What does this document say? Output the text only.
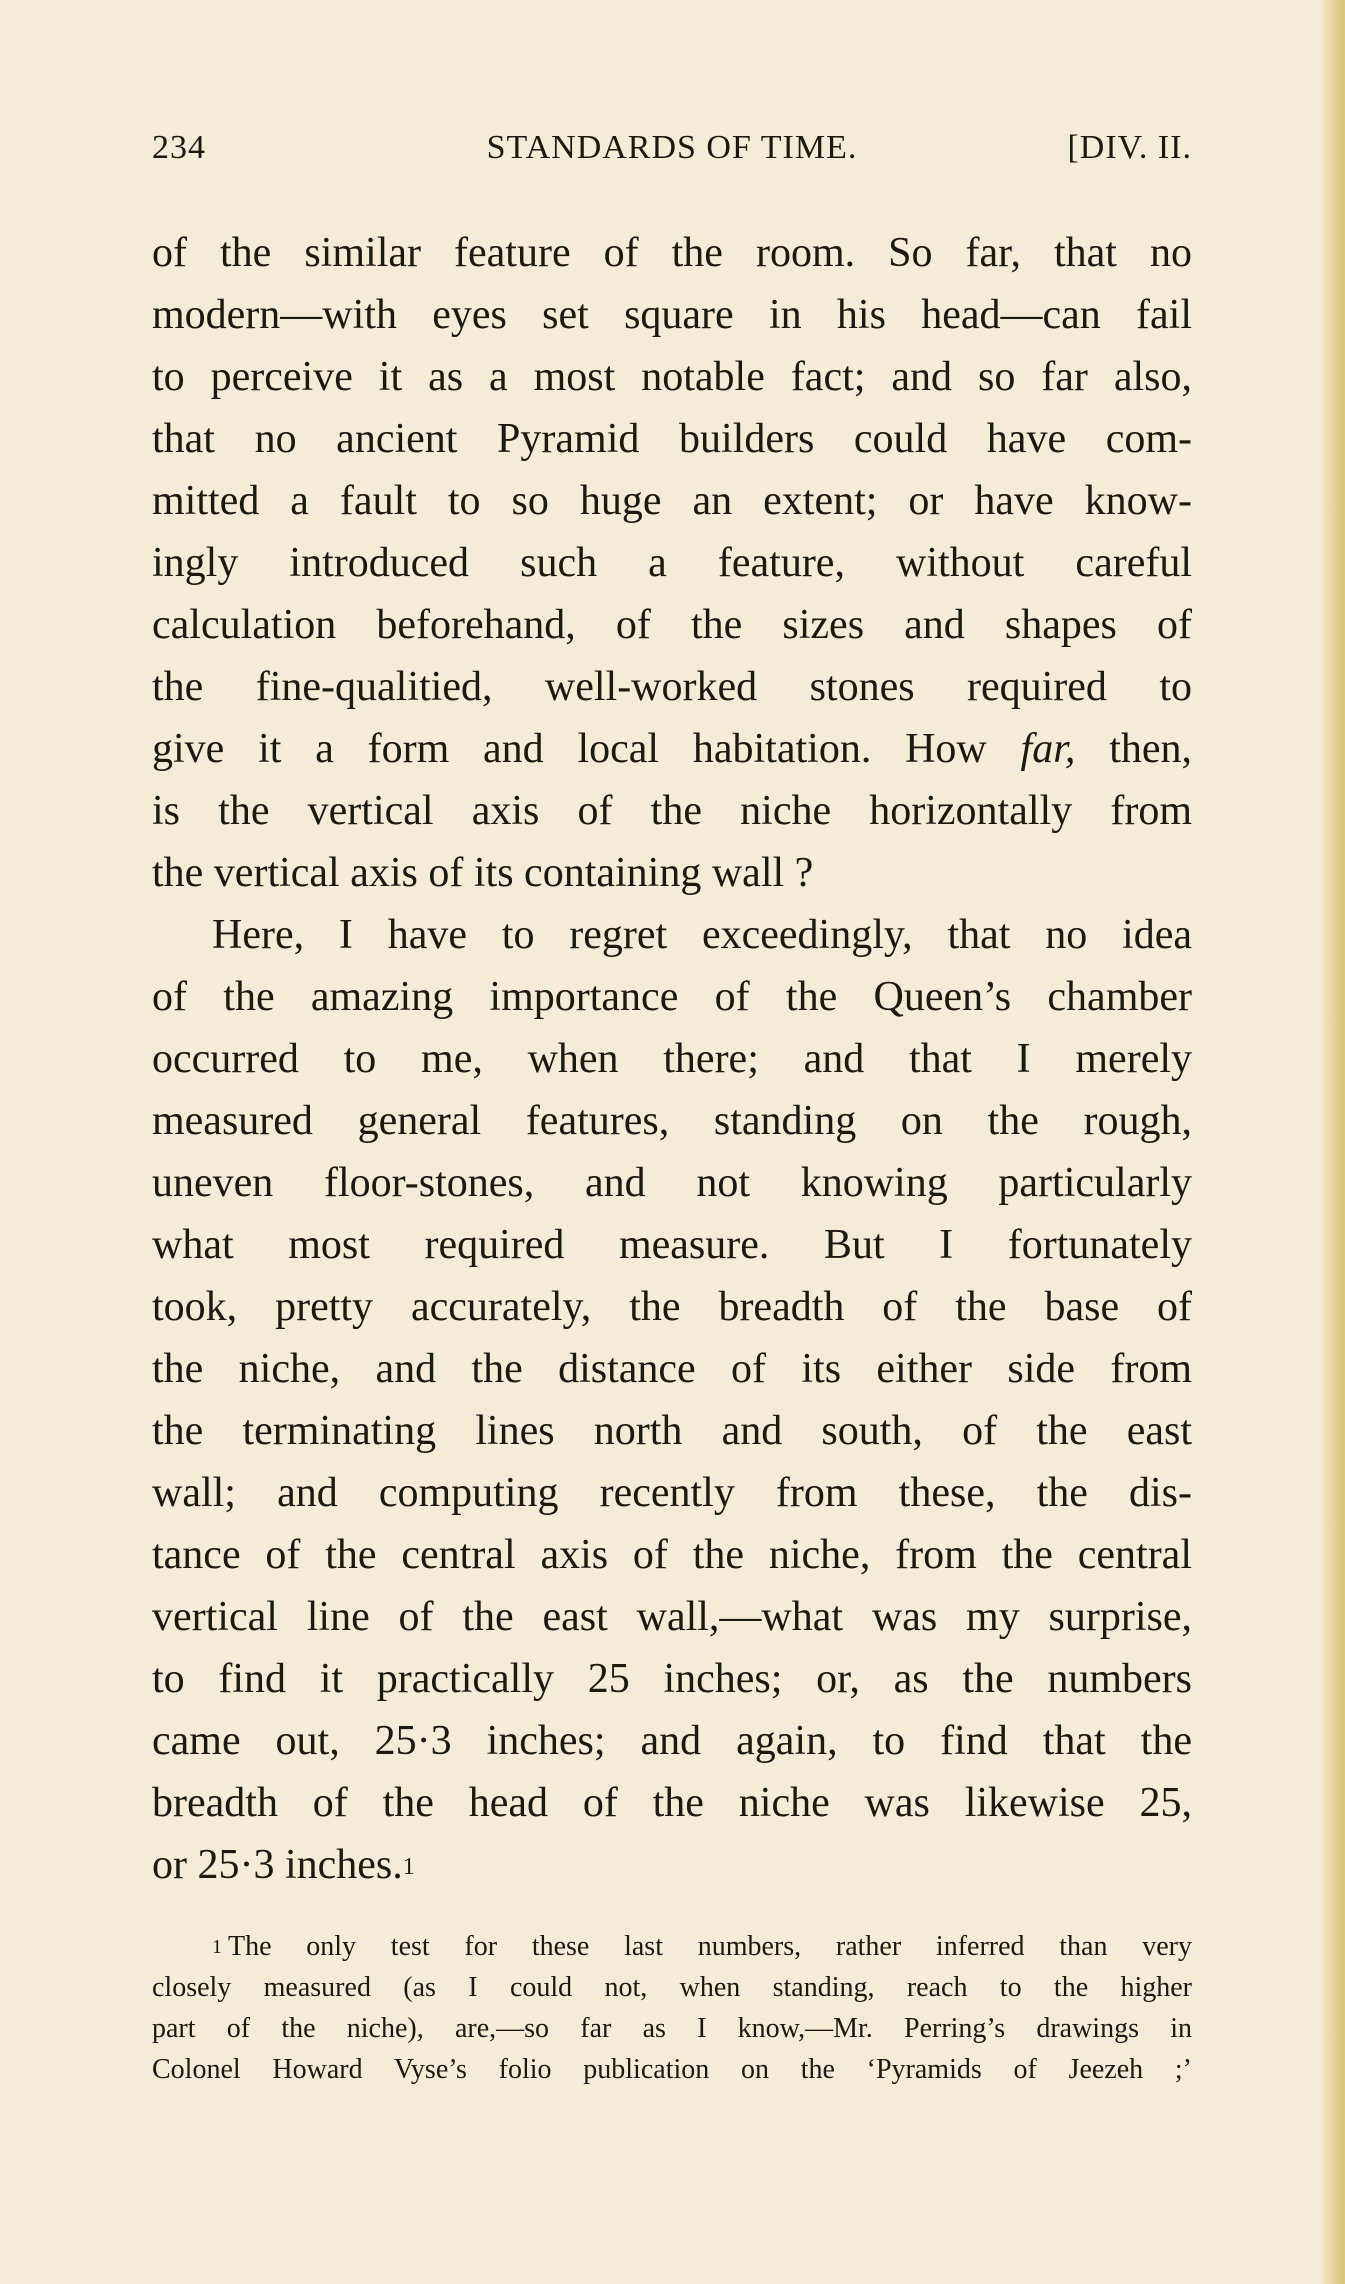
234	STANDARDS OF TIME.	[DIV. II.
of the similar feature of the room. So far, that no
modern—with eyes set square in his head—can fail
to perceive it as a most notable fact; and so far also,
that no ancient Pyramid builders could have com-
mitted a fault to so huge an extent; or have know-
ingly introduced such a feature, without careful
calculation beforehand, of the sizes and shapes of
the fine-qualitied, well-worked stones required to
give it a form and local habitation. How far, then,
is the vertical axis of the niche horizontally from
the vertical axis of its containing wall ?
Here, I have to regret exceedingly, that no idea
of the amazing importance of the Queen’s chamber
occurred to me, when there; and that I merely
measured general features, standing on the rough,
uneven floor-stones, and not knowing particularly
what most required measure. But I fortunately
took, pretty accurately, the breadth of the base of
the niche, and the distance of its either side from
the terminating lines north and south, of the east
wall; and computing recently from these, the dis-
tance of the central axis of the niche, from the central
vertical line of the east wall,—what was my surprise,
to find it practically 25 inches; or, as the numbers
came out, 25·3 inches; and again, to find that the
breadth of the head of the niche was likewise 25,
or 25·3 inches.$^1$
$^1$ The only test for these last numbers, rather inferred than very
closely measured (as I could not, when standing, reach to the higher
part of the niche), are,—so far as I know,—Mr. Perring’s drawings in
Colonel Howard Vyse’s folio publication on the ‘Pyramids of Jeezeh ;’
